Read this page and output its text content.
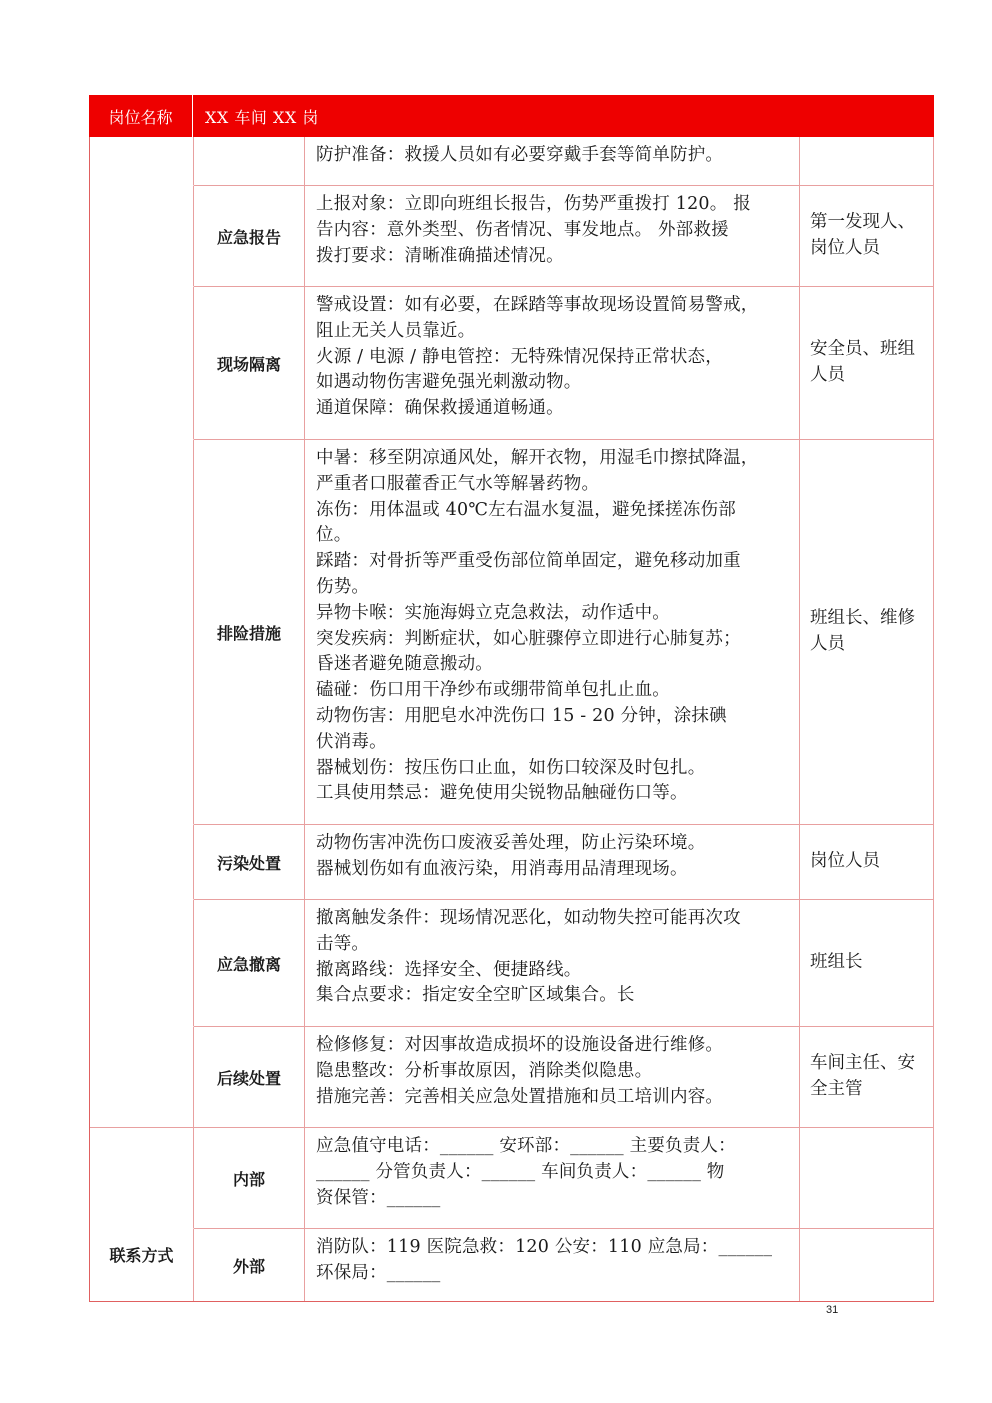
岗位名称	XX 车间 XX 岗
防护准备：救援人员如有必要穿戴手套等简单防护。
应急报告
上报对象：立即向班组长报告，伤势严重拨打 120。 报
告内容：意外类型、伤者情况、事发地点。 外部救援
拨打要求：清晰准确描述情况。
第一发现人、
岗位人员
现场隔离
警戒设置：如有必要，在踩踏等事故现场设置简易警戒，
阻止无关人员靠近。
火源 / 电源 / 静电管控：无特殊情况保持正常状态，
如遇动物伤害避免强光刺激动物。
通道保障：确保救援通道畅通。
安全员、班组
人员
排险措施
中暑：移至阴凉通风处，解开衣物，用湿毛巾擦拭降温，
严重者口服藿香正气水等解暑药物。
冻伤：用体温或 40℃左右温水复温，避免揉搓冻伤部
位。
踩踏：对骨折等严重受伤部位简单固定，避免移动加重
伤势。
异物卡喉：实施海姆立克急救法，动作适中。
突发疾病：判断症状，如心脏骤停立即进行心肺复苏；
昏迷者避免随意搬动。
磕碰：伤口用干净纱布或绷带简单包扎止血。
动物伤害：用肥皂水冲洗伤口 15 - 20 分钟，涂抹碘
伏消毒。
器械划伤：按压伤口止血，如伤口较深及时包扎。
工具使用禁忌：避免使用尖锐物品触碰伤口等。
班组长、维修
人员
污染处置
动物伤害冲洗伤口废液妥善处理，防止污染环境。
器械划伤如有血液污染，用消毒用品清理现场。	岗位人员
应急撤离
撤离触发条件：现场情况恶化，如动物失控可能再次攻
击等。
撤离路线：选择安全、便捷路线。
集合点要求：指定安全空旷区域集合。长
班组长
后续处置
检修修复：对因事故造成损坏的设施设备进行维修。
隐患整改：分析事故原因，消除类似隐患。
措施完善：完善相关应急处置措施和员工培训内容。
车间主任、安
全主管
联系方式
内部
应急值守电话：______ 安环部：______ 主要负责人：
______ 分管负责人：______ 车间负责人：______ 物
资保管：______
外部
消防队：119 医院急救：120 公安：110 应急局：______
环保局：______
31
